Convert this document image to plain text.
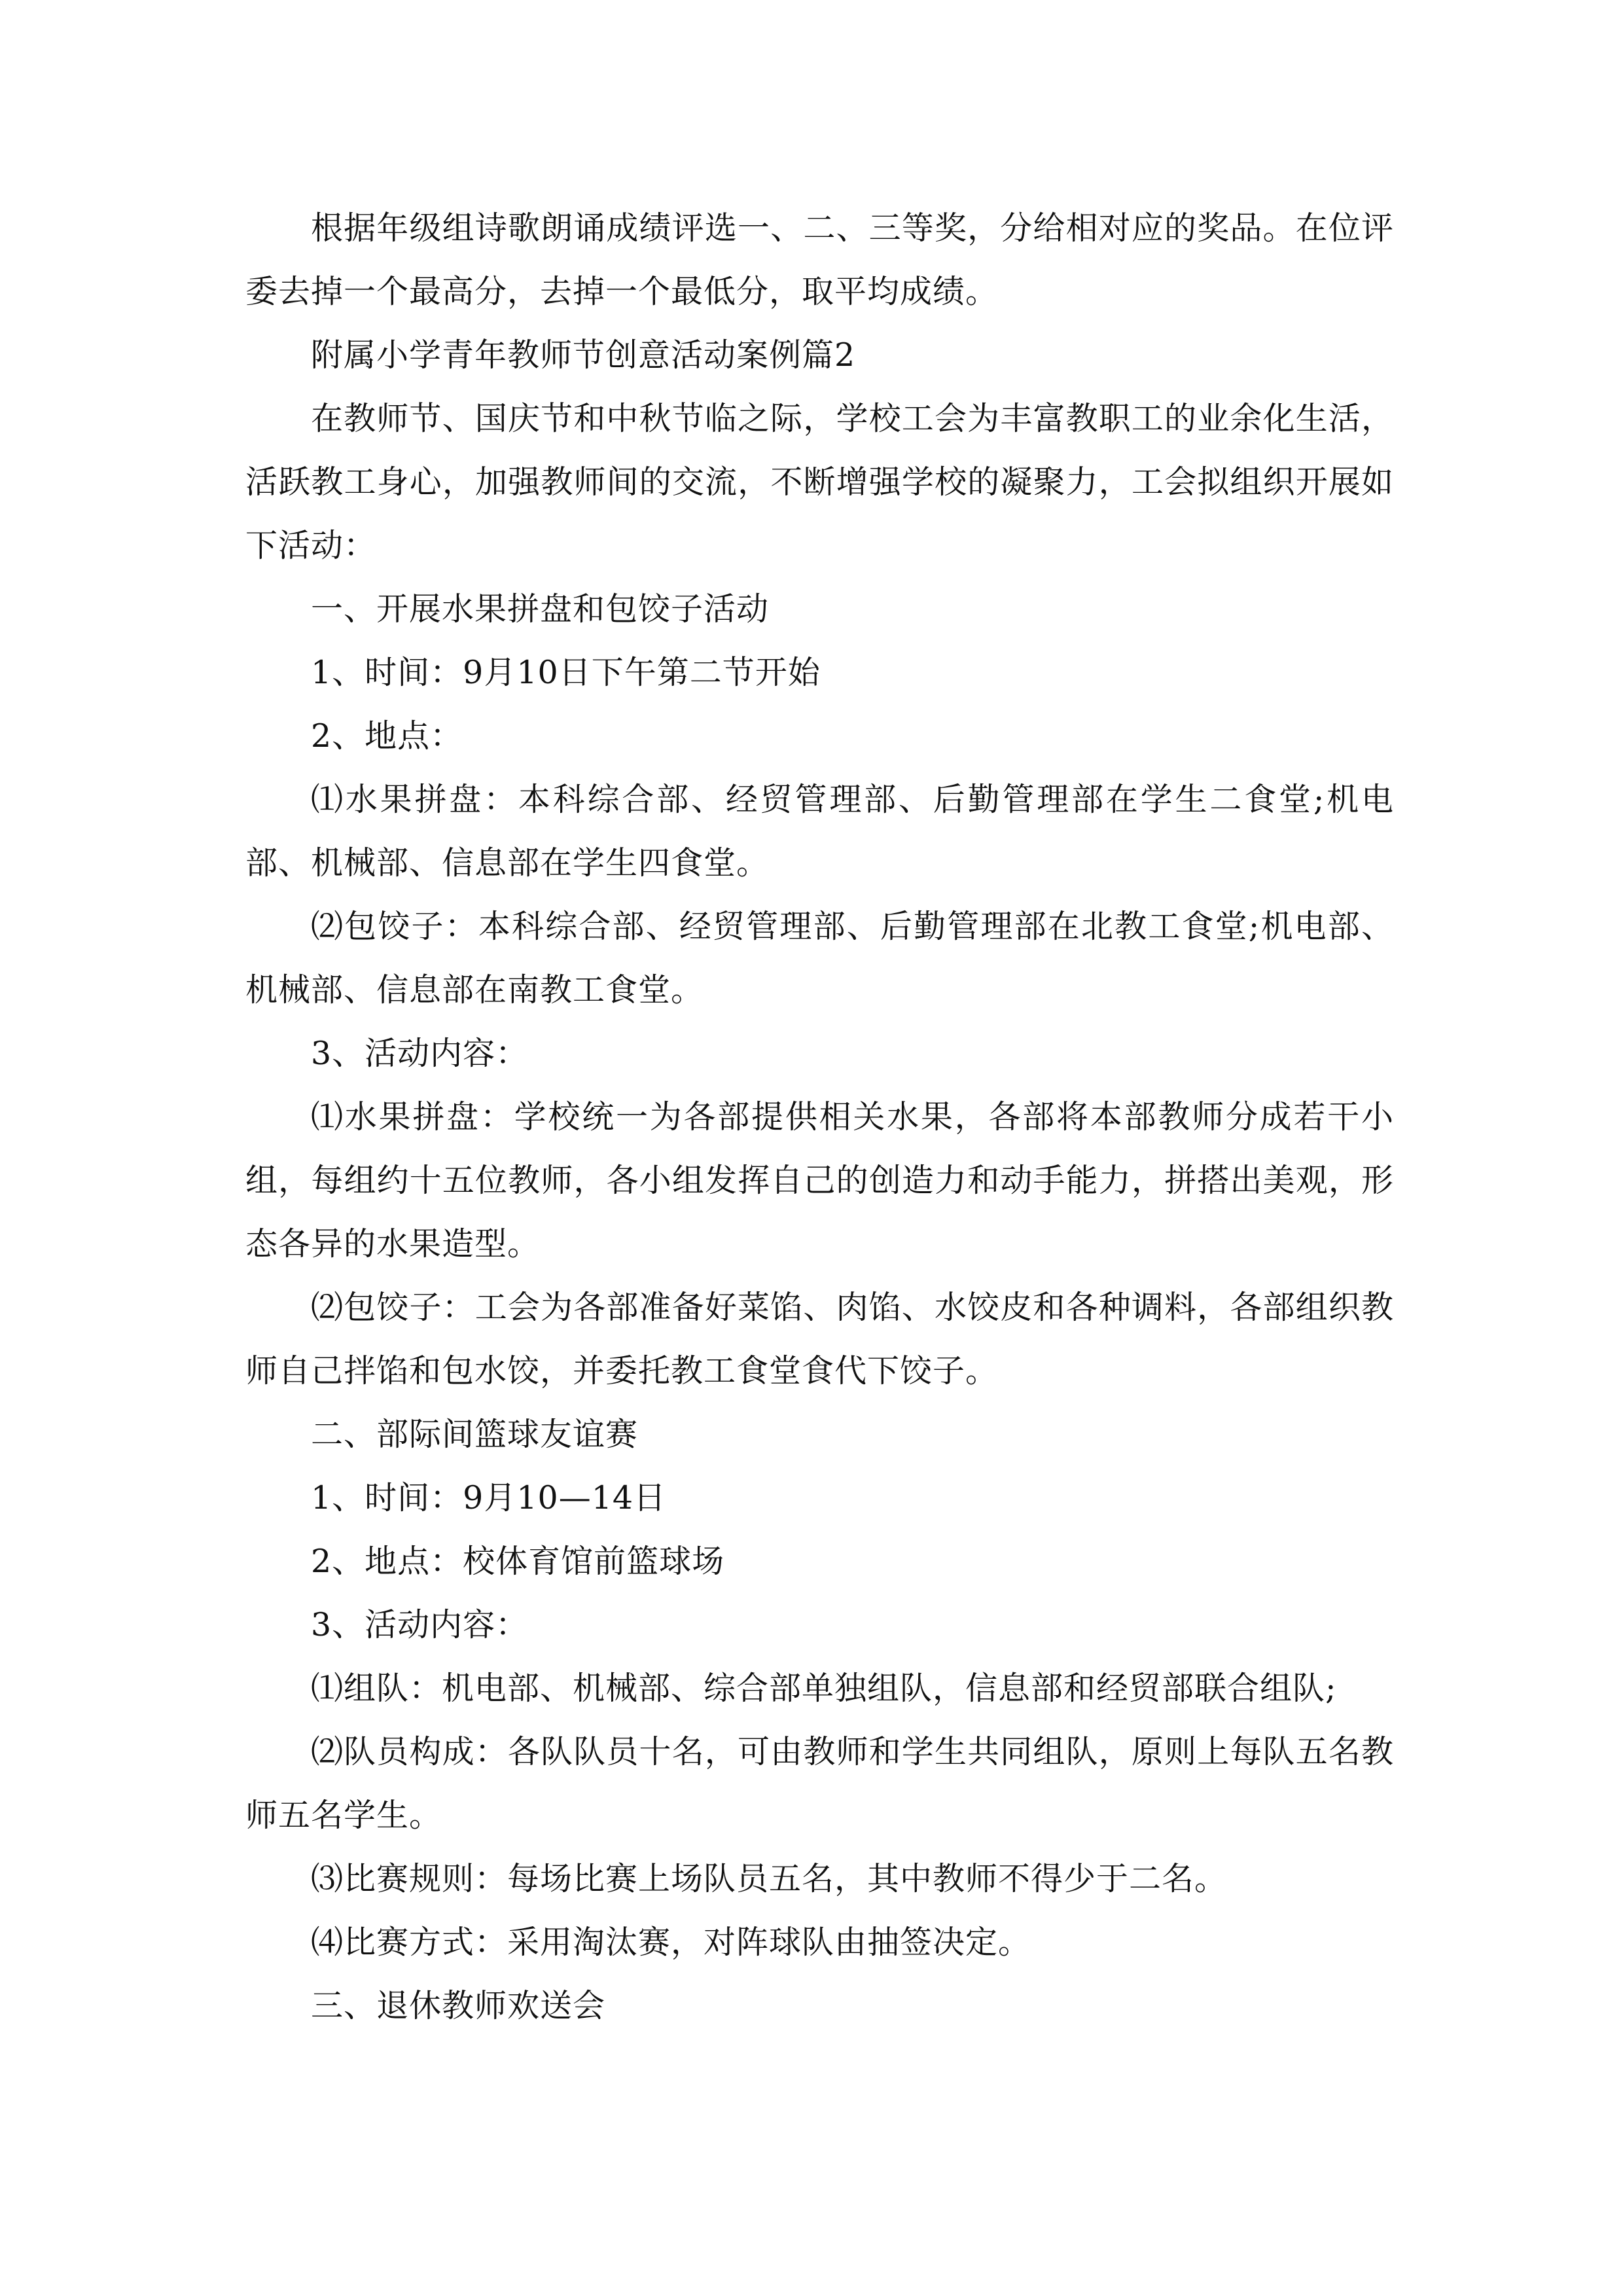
根据年级组诗歌朗诵成绩评选一、二、三等奖，分给相对应的奖品。在位评委去掉一个最高分，去掉一个最低分，取平均成绩。

附属小学青年教师节创意活动案例篇2

在教师节、国庆节和中秋节临之际，学校工会为丰富教职工的业余化生活，活跃教工身心，加强教师间的交流，不断增强学校的凝聚力，工会拟组织开展如下活动：

一、开展水果拼盘和包饺子活动

1、时间：9月10日下午第二节开始

2、地点：

⑴水果拼盘：本科综合部、经贸管理部、后勤管理部在学生二食堂;机电部、机械部、信息部在学生四食堂。

⑵包饺子：本科综合部、经贸管理部、后勤管理部在北教工食堂;机电部、机械部、信息部在南教工食堂。

3、活动内容：

⑴水果拼盘：学校统一为各部提供相关水果，各部将本部教师分成若干小组，每组约十五位教师，各小组发挥自己的创造力和动手能力，拼搭出美观，形态各异的水果造型。

⑵包饺子：工会为各部准备好菜馅、肉馅、水饺皮和各种调料，各部组织教师自己拌馅和包水饺，并委托教工食堂食代下饺子。

二、部际间篮球友谊赛

1、时间：9月10—14日

2、地点：校体育馆前篮球场

3、活动内容：

⑴组队：机电部、机械部、综合部单独组队，信息部和经贸部联合组队;

⑵队员构成：各队队员十名，可由教师和学生共同组队，原则上每队五名教师五名学生。

⑶比赛规则：每场比赛上场队员五名，其中教师不得少于二名。

⑷比赛方式：采用淘汰赛，对阵球队由抽签决定。

三、退休教师欢送会
